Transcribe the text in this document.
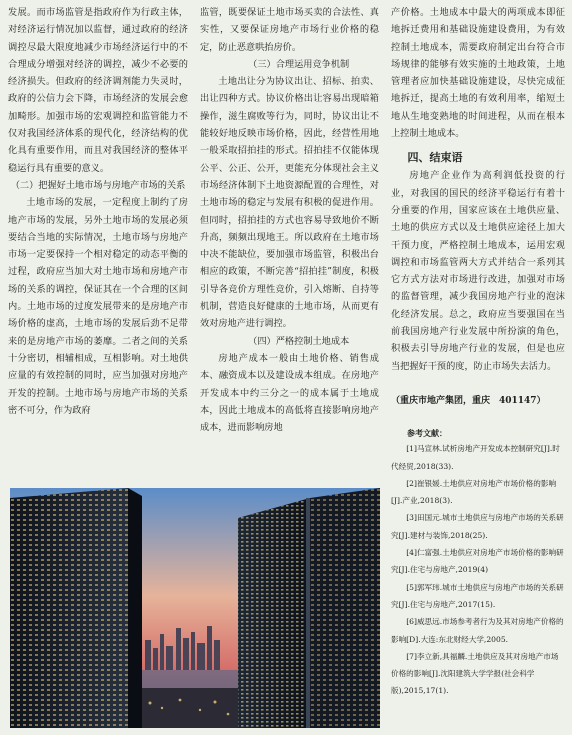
发展。而市场监管是指政府作为行政主体，对经济运行情况加以监督，通过政府的经济调控尽最大限度地减少市场经济运行中的不合理成分增强对经济的调控，减少不必要的经济损失。但政府的经济调剂能力失灵时，政府的公信力会下降，市场经济的发展会愈加畸形。加强市场的宏观调控和监管能力不仅对我国经济体系的现代化，经济结构的优化具有重要作用，而且对我国经济的整体平稳运行具有重要的意义。

（二）把握好土地市场与房地产市场的关系

土地市场的发展，一定程度上制约了房地产市场的发展，另外土地市场的发展必须要结合当地的实际情况，土地市场与房地产市场一定要保持一个相对稳定的动态平衡的过程，政府应当加大对土地市场和房地产市场的关系的调控，保证其在一个合理的区间内。土地市场的过度发展带来的是房地产市场价格的虚高，土地市场的发展后劲不足带来的是房地产市场的萎靡。二者之间的关系十分密切，相辅相成，互相影响。对土地供应量的有效控制的同时，应当加强对房地产开发的控制。土地市场与房地产市场的关系密不可分，作为政府

监管，既要保证土地市场买卖的合法性、真实性，又要保证房地产市场行业价格的稳定，防止恶意哄抬房价。

（三）合理运用竞争机制

土地出让分为协议出让、招标、拍卖、出让四种方式。协议价格出让容易出现暗箱操作，滋生腐败等行为，同时，协议出让不能较好地反映市场价格，因此，经营性用地一般采取招拍挂的形式。招拍挂不仅能体现公平、公正、公开，更能充分体现社会主义市场经济体制下土地资源配置的合理性，对土地市场的稳定与发展有积极的促进作用。但同时，招拍挂的方式也容易导致地价不断升高，频频出现地王。所以政府在土地市场中决不能缺位，要加强市场监管，积极出台相应的政策，不断完善“招拍挂”制度，积极引导各竞价方理性竞价，引入熔断、自持等机制，营造良好健康的土地市场，从而更有效对房地产进行调控。

（四）严格控制土地成本

房地产成本一般由土地价格、销售成本、融资成本以及建设成本组成。在房地产开发成本中约三分之一的成本属于土地成本，因此土地成本的高低将直接影响房地产成本，进而影响房地

产价格。土地成本中最大的两项成本即征地拆迁费用和基础设施建设费用，为有效控制土地成本，需要政府制定出台符合市场规律的能够有效实施的土地政策，土地管理者应加快基础设施建设，尽快完成征地拆迁，提高土地的有效利用率，缩短土地从生地变熟地的时间进程，从而在根本上控制土地成本。

四、结束语

房地产企业作为高利润低投资的行业，对我国的国民的经济平稳运行有着十分重要的作用，国家应该在土地供应量、土地的供应方式以及土地供应途径上加大干预力度，严格控制土地成本，运用宏观调控和市场监管两大方式并结合一系列其它方式方法对市场进行改进，加强对市场的监督管理，减少我国房地产行业的泡沫化经济发展。总之，政府应当要强国在当前我国房地产行业发展中所扮演的角色，积极去引导房地产行业的发展，但是也应当把握好干预的度，防止市场失去活力。

（重庆市地产集团，重庆　401147）

参考文献：

[1]马宣林.试析房地产开发成本控制研究[J].时代经贸,2018(33).

[2]崔银媛.土地供应对房地产市场价格的影响[J].产业,2018(3).

[3]田国元.城市土地供应与房地产市场的关系研究[J].建材与装饰,2018(25).

[4]仁富强.土地供应对房地产市场价格的影响研究[J].住宅与房地产,2019(4)

[5]郭军玮.城市土地供应与房地产市场的关系研究[J].住宅与房地产,2017(15).

[6]威思远.市场参考者行为及其对房地产价格的影响[D].大连:东北财经大学,2005.

[7]李立新,具福麟.土地供应及其对房地产市场价格的影响[J].沈阳建筑大学学报(社会科学版),2015,17(1).
